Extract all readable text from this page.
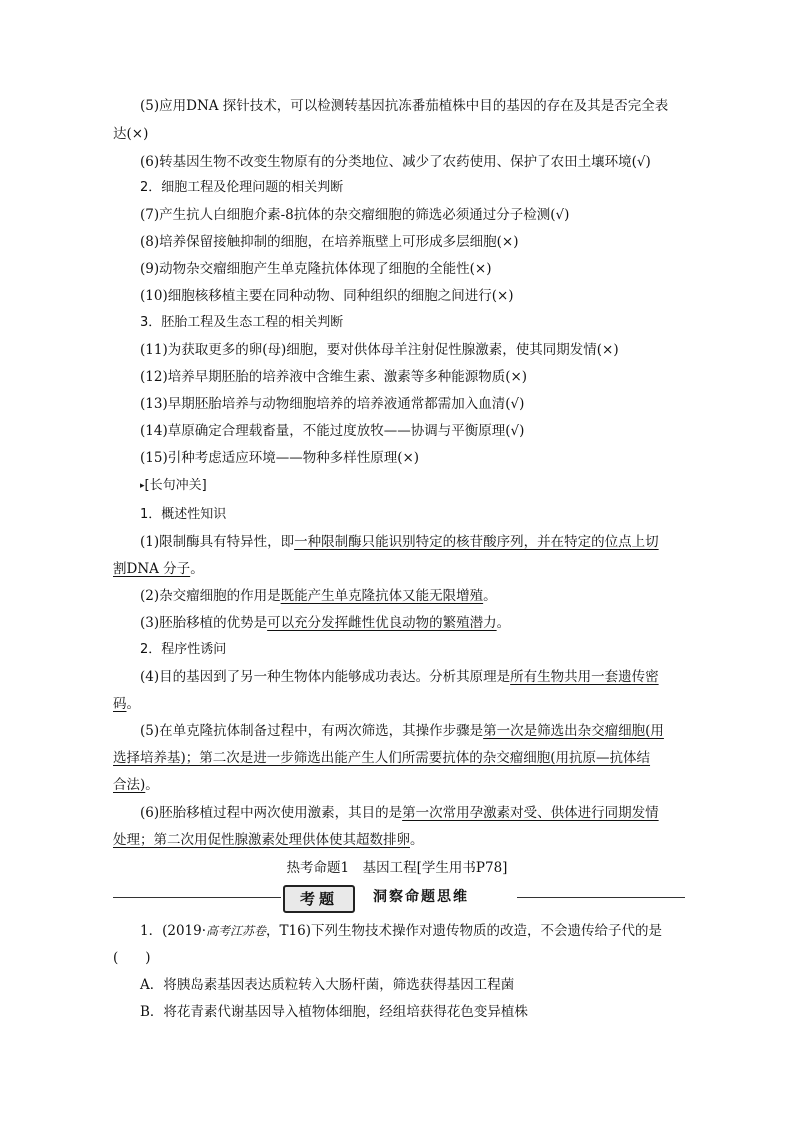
(5)应用DNA 探针技术，可以检测转基因抗冻番茄植株中目的基因的存在及其是否完全表
达(×)
(6)转基因生物不改变生物原有的分类地位、减少了农药使用、保护了农田土壤环境(√)
2．细胞工程及伦理问题的相关判断
(7)产生抗人白细胞介素-8抗体的杂交瘤细胞的筛选必须通过分子检测(√)
(8)培养保留接触抑制的细胞，在培养瓶壁上可形成多层细胞(×)
(9)动物杂交瘤细胞产生单克隆抗体体现了细胞的全能性(×)
(10)细胞核移植主要在同种动物、同种组织的细胞之间进行(×)
3．胚胎工程及生态工程的相关判断
(11)为获取更多的卵(母)细胞，要对供体母羊注射促性腺激素，使其同期发情(×)
(12)培养早期胚胎的培养液中含维生素、激素等多种能源物质(×)
(13)早期胚胎培养与动物细胞培养的培养液通常都需加入血清(√)
(14)草原确定合理载畜量，不能过度放牧——协调与平衡原理(√)
(15)引种考虑适应环境——物种多样性原理(×)
▸[长句冲关]
1．概述性知识
(1)限制酶具有特异性，即一种限制酶只能识别特定的核苷酸序列，并在特定的位点上切
割DNA 分子。
(2)杂交瘤细胞的作用是既能产生单克隆抗体又能无限增殖。
(3)胚胎移植的优势是可以充分发挥雌性优良动物的繁殖潜力。
2．程序性诱问
(4)目的基因到了另一种生物体内能够成功表达。分析其原理是所有生物共用一套遗传密
码。
(5)在单克隆抗体制备过程中，有两次筛选，其操作步骤是第一次是筛选出杂交瘤细胞(用
选择培养基)；第二次是进一步筛选出能产生人们所需要抗体的杂交瘤细胞(用抗原—抗体结
合法)。
(6)胚胎移植过程中两次使用激素，其目的是第一次常用孕激素对受、供体进行同期发情
处理；第二次用促性腺激素处理供体使其超数排卵。
热考命题1　基因工程[学生用书P78]
考题	洞察命题思维
1．(2019·高考江苏卷，T16)下列生物技术操作对遗传物质的改造，不会遗传给子代的是
(　　)
A．将胰岛素基因表达质粒转入大肠杆菌，筛选获得基因工程菌
B．将花青素代谢基因导入植物体细胞，经组培获得花色变异植株
